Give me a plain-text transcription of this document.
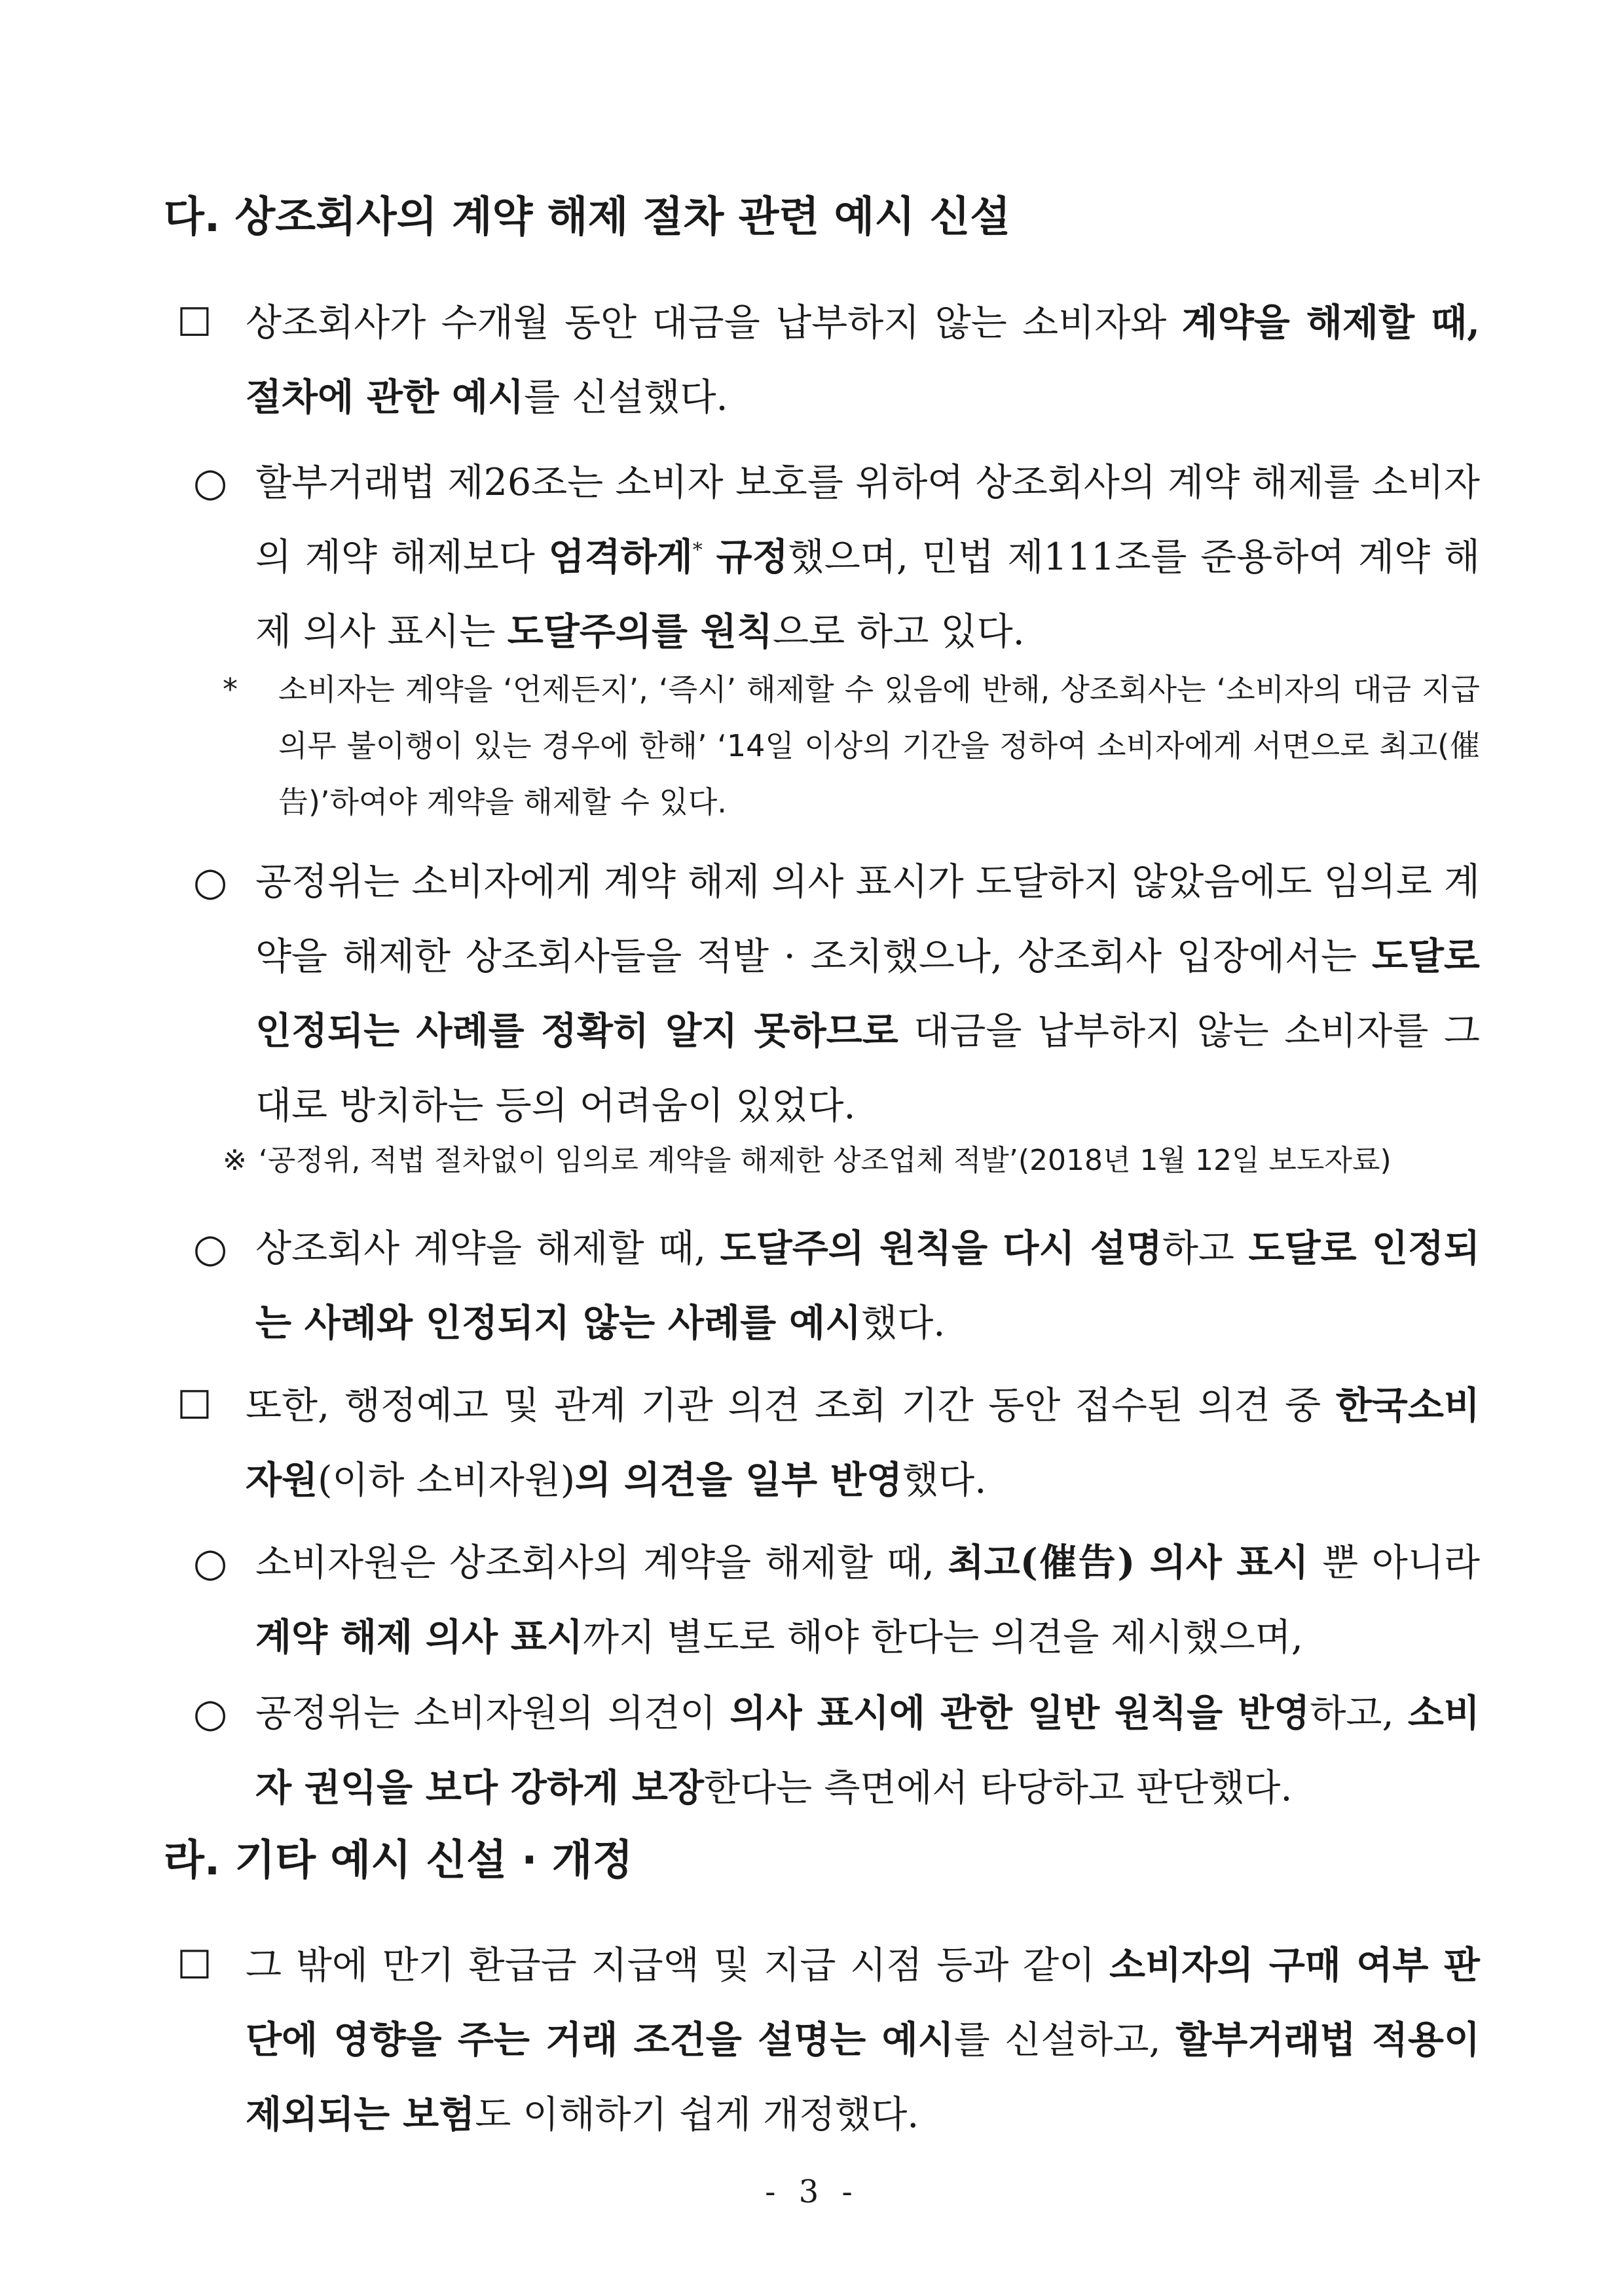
다. 상조회사의 계약 해제 절차 관련 예시 신설

☐ 상조회사가 수개월 동안 대금을 납부하지 않는 소비자와 계약을 해제할 때, 절차에 관한 예시를 신설했다.

○ 할부거래법 제26조는 소비자 보호를 위하여 상조회사의 계약 해제를 소비자의 계약 해제보다 엄격하게* 규정했으며, 민법 제111조를 준용하여 계약 해제 의사 표시는 도달주의를 원칙으로 하고 있다.

*	소비자는 계약을 ‘언제든지’, ‘즉시’ 해제할 수 있음에 반해, 상조회사는 ‘소비자의 대금 지급 의무 불이행이 있는 경우에 한해’ ‘14일 이상의 기간을 정하여 소비자에게 서면으로 최고(催告)’하여야 계약을 해제할 수 있다.

○ 공정위는 소비자에게 계약 해제 의사 표시가 도달하지 않았음에도 임의로 계약을 해제한 상조회사들을 적발 · 조치했으나, 상조회사 입장에서는 도달로 인정되는 사례를 정확히 알지 못하므로 대금을 납부하지 않는 소비자를 그대로 방치하는 등의 어려움이 있었다.

※ ‘공정위, 적법 절차없이 임의로 계약을 해제한 상조업체 적발’(2018년 1월 12일 보도자료)

○ 상조회사 계약을 해제할 때, 도달주의 원칙을 다시 설명하고 도달로 인정되는 사례와 인정되지 않는 사례를 예시했다.

☐ 또한, 행정예고 및 관계 기관 의견 조회 기간 동안 접수된 의견 중 한국소비자원(이하 소비자원)의 의견을 일부 반영했다.

○ 소비자원은 상조회사의 계약을 해제할 때, 최고(催告) 의사 표시 뿐 아니라 계약 해제 의사 표시까지 별도로 해야 한다는 의견을 제시했으며,

○ 공정위는 소비자원의 의견이 의사 표시에 관한 일반 원칙을 반영하고, 소비자 권익을 보다 강하게 보장한다는 측면에서 타당하고 판단했다.

라. 기타 예시 신설 · 개정

☐ 그 밖에 만기 환급금 지급액 및 지급 시점 등과 같이 소비자의 구매 여부 판단에 영향을 주는 거래 조건을 설명는 예시를 신설하고, 할부거래법 적용이 제외되는 보험도 이해하기 쉽게 개정했다.

- 3 -
